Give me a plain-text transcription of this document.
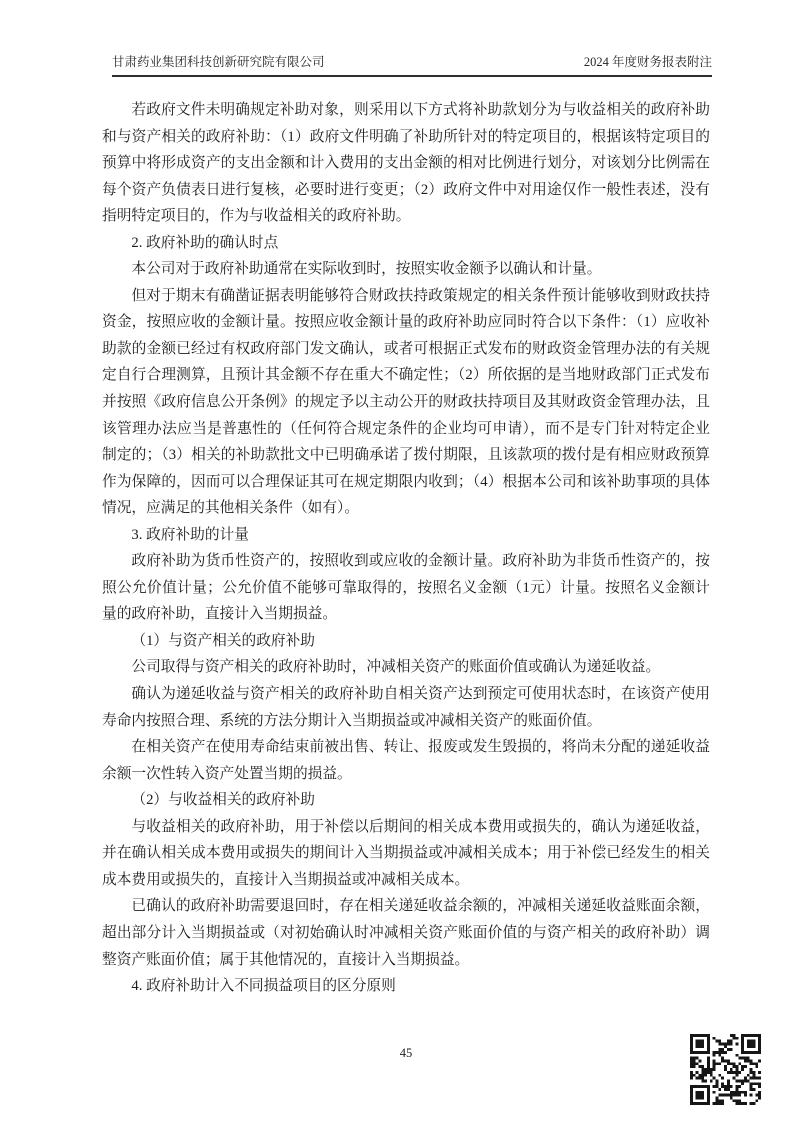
甘肃药业集团科技创新研究院有限公司	2024 年度财务报表附注

若政府文件未明确规定补助对象，则采用以下方式将补助款划分为与收益相关的政府补助和与资产相关的政府补助：（1）政府文件明确了补助所针对的特定项目的，根据该特定项目的预算中将形成资产的支出金额和计入费用的支出金额的相对比例进行划分，对该划分比例需在每个资产负债表日进行复核，必要时进行变更；（2）政府文件中对用途仅作一般性表述，没有指明特定项目的，作为与收益相关的政府补助。

2. 政府补助的确认时点

本公司对于政府补助通常在实际收到时，按照实收金额予以确认和计量。

但对于期末有确凿证据表明能够符合财政扶持政策规定的相关条件预计能够收到财政扶持资金，按照应收的金额计量。按照应收金额计量的政府补助应同时符合以下条件：（1）应收补助款的金额已经过有权政府部门发文确认，或者可根据正式发布的财政资金管理办法的有关规定自行合理测算，且预计其金额不存在重大不确定性；（2）所依据的是当地财政部门正式发布并按照《政府信息公开条例》的规定予以主动公开的财政扶持项目及其财政资金管理办法，且该管理办法应当是普惠性的（任何符合规定条件的企业均可申请），而不是专门针对特定企业制定的；（3）相关的补助款批文中已明确承诺了拨付期限，且该款项的拨付是有相应财政预算作为保障的，因而可以合理保证其可在规定期限内收到；（4）根据本公司和该补助事项的具体情况，应满足的其他相关条件（如有）。

3. 政府补助的计量

政府补助为货币性资产的，按照收到或应收的金额计量。政府补助为非货币性资产的，按照公允价值计量；公允价值不能够可靠取得的，按照名义金额（1元）计量。按照名义金额计量的政府补助，直接计入当期损益。

（1）与资产相关的政府补助

公司取得与资产相关的政府补助时，冲减相关资产的账面价值或确认为递延收益。

确认为递延收益与资产相关的政府补助自相关资产达到预定可使用状态时，在该资产使用寿命内按照合理、系统的方法分期计入当期损益或冲减相关资产的账面价值。

在相关资产在使用寿命结束前被出售、转让、报废或发生毁损的，将尚未分配的递延收益余额一次性转入资产处置当期的损益。

（2）与收益相关的政府补助

与收益相关的政府补助，用于补偿以后期间的相关成本费用或损失的，确认为递延收益，并在确认相关成本费用或损失的期间计入当期损益或冲减相关成本；用于补偿已经发生的相关成本费用或损失的，直接计入当期损益或冲减相关成本。

已确认的政府补助需要退回时，存在相关递延收益余额的，冲减相关递延收益账面余额，超出部分计入当期损益或（对初始确认时冲减相关资产账面价值的与资产相关的政府补助）调整资产账面价值；属于其他情况的，直接计入当期损益。

4. 政府补助计入不同损益项目的区分原则

45
